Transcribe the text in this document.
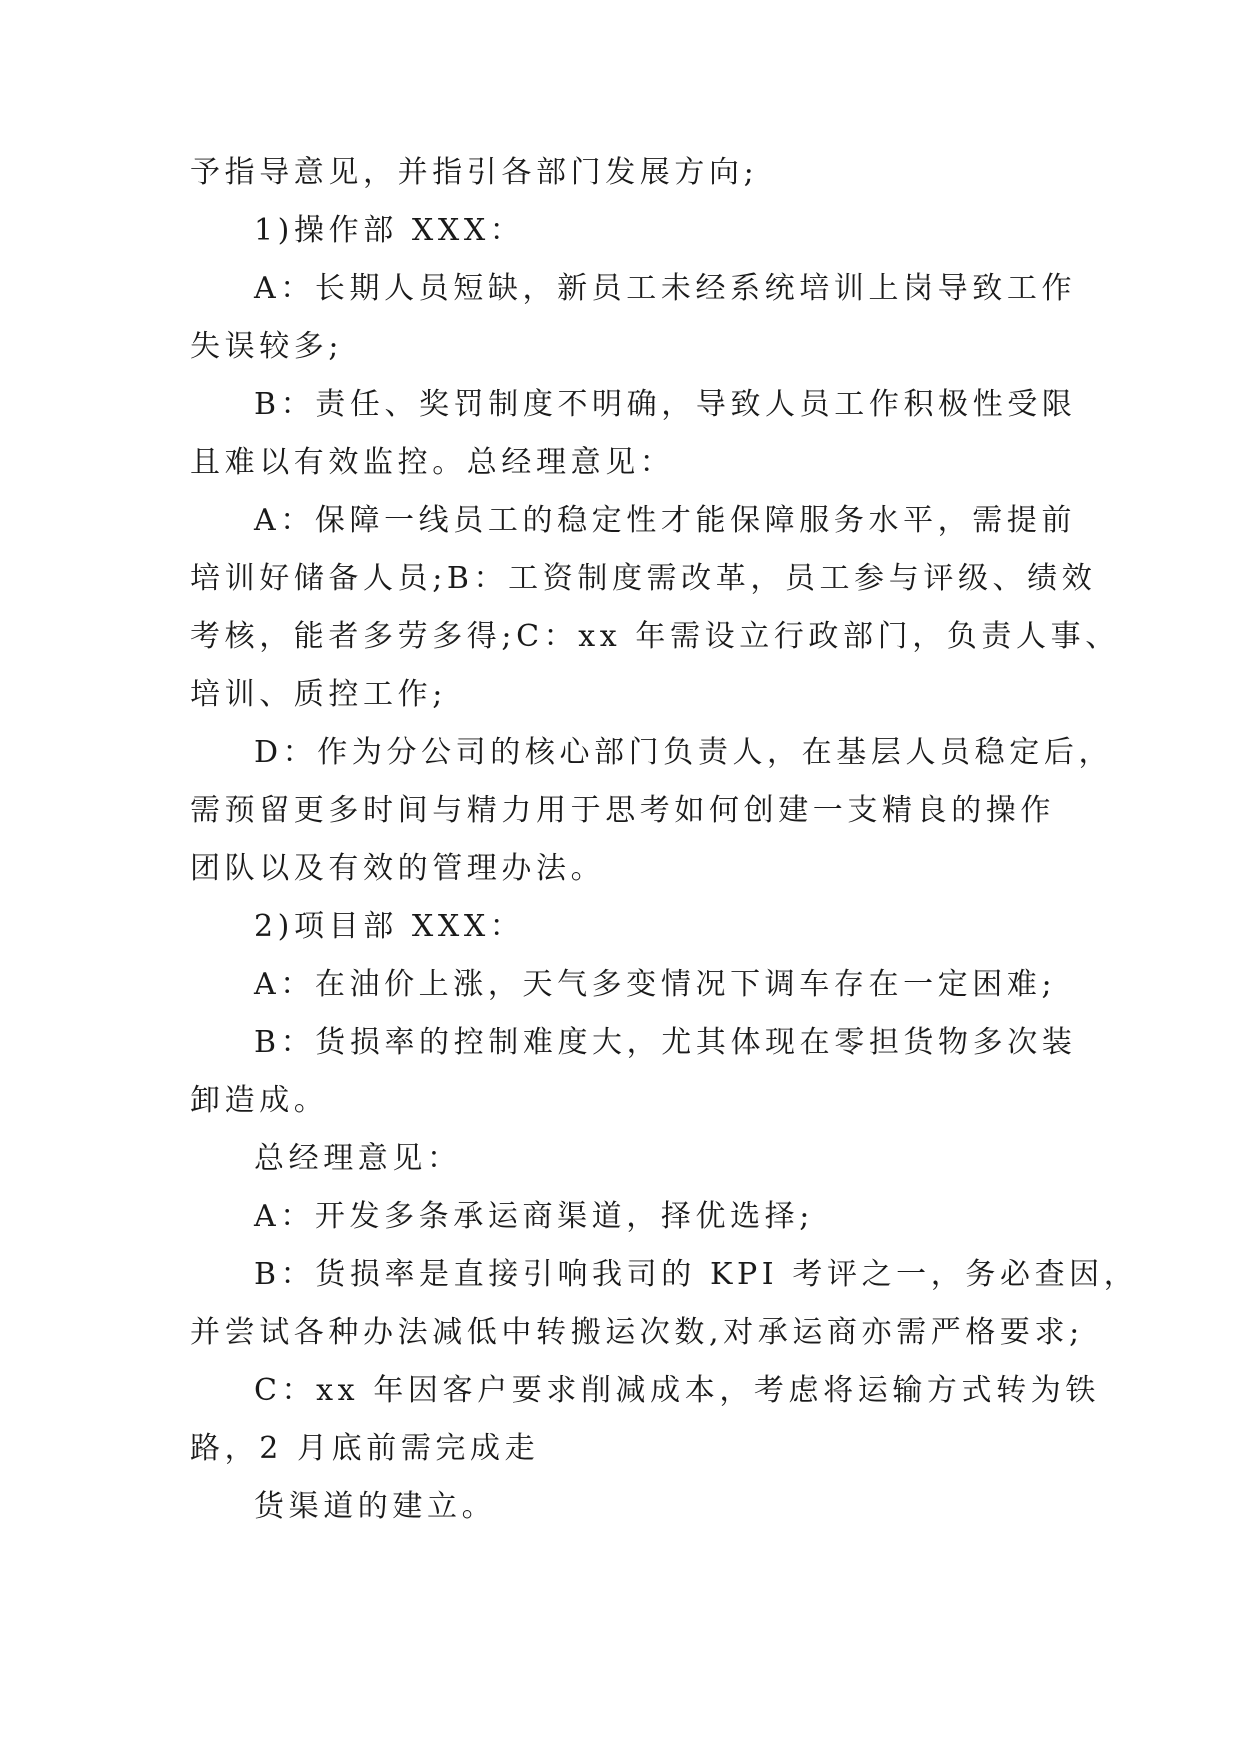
予指导意见，并指引各部门发展方向;
1)操作部 XXX：
A：长期人员短缺，新员工未经系统培训上岗导致工作
失误较多;
B：责任、奖罚制度不明确，导致人员工作积极性受限
且难以有效监控。总经理意见：
A：保障一线员工的稳定性才能保障服务水平，需提前
培训好储备人员;B：工资制度需改革，员工参与评级、绩效
考核，能者多劳多得;C：xx 年需设立行政部门，负责人事、
培训、质控工作;
D：作为分公司的核心部门负责人，在基层人员稳定后，
需预留更多时间与精力用于思考如何创建一支精良的操作
团队以及有效的管理办法。
2)项目部 XXX：
A：在油价上涨，天气多变情况下调车存在一定困难;
B：货损率的控制难度大，尤其体现在零担货物多次装
卸造成。
总经理意见：
A：开发多条承运商渠道，择优选择;
B：货损率是直接引响我司的 KPI 考评之一，务必查因，
并尝试各种办法减低中转搬运次数,对承运商亦需严格要求;
C：xx 年因客户要求削减成本，考虑将运输方式转为铁
路，2 月底前需完成走
货渠道的建立。
